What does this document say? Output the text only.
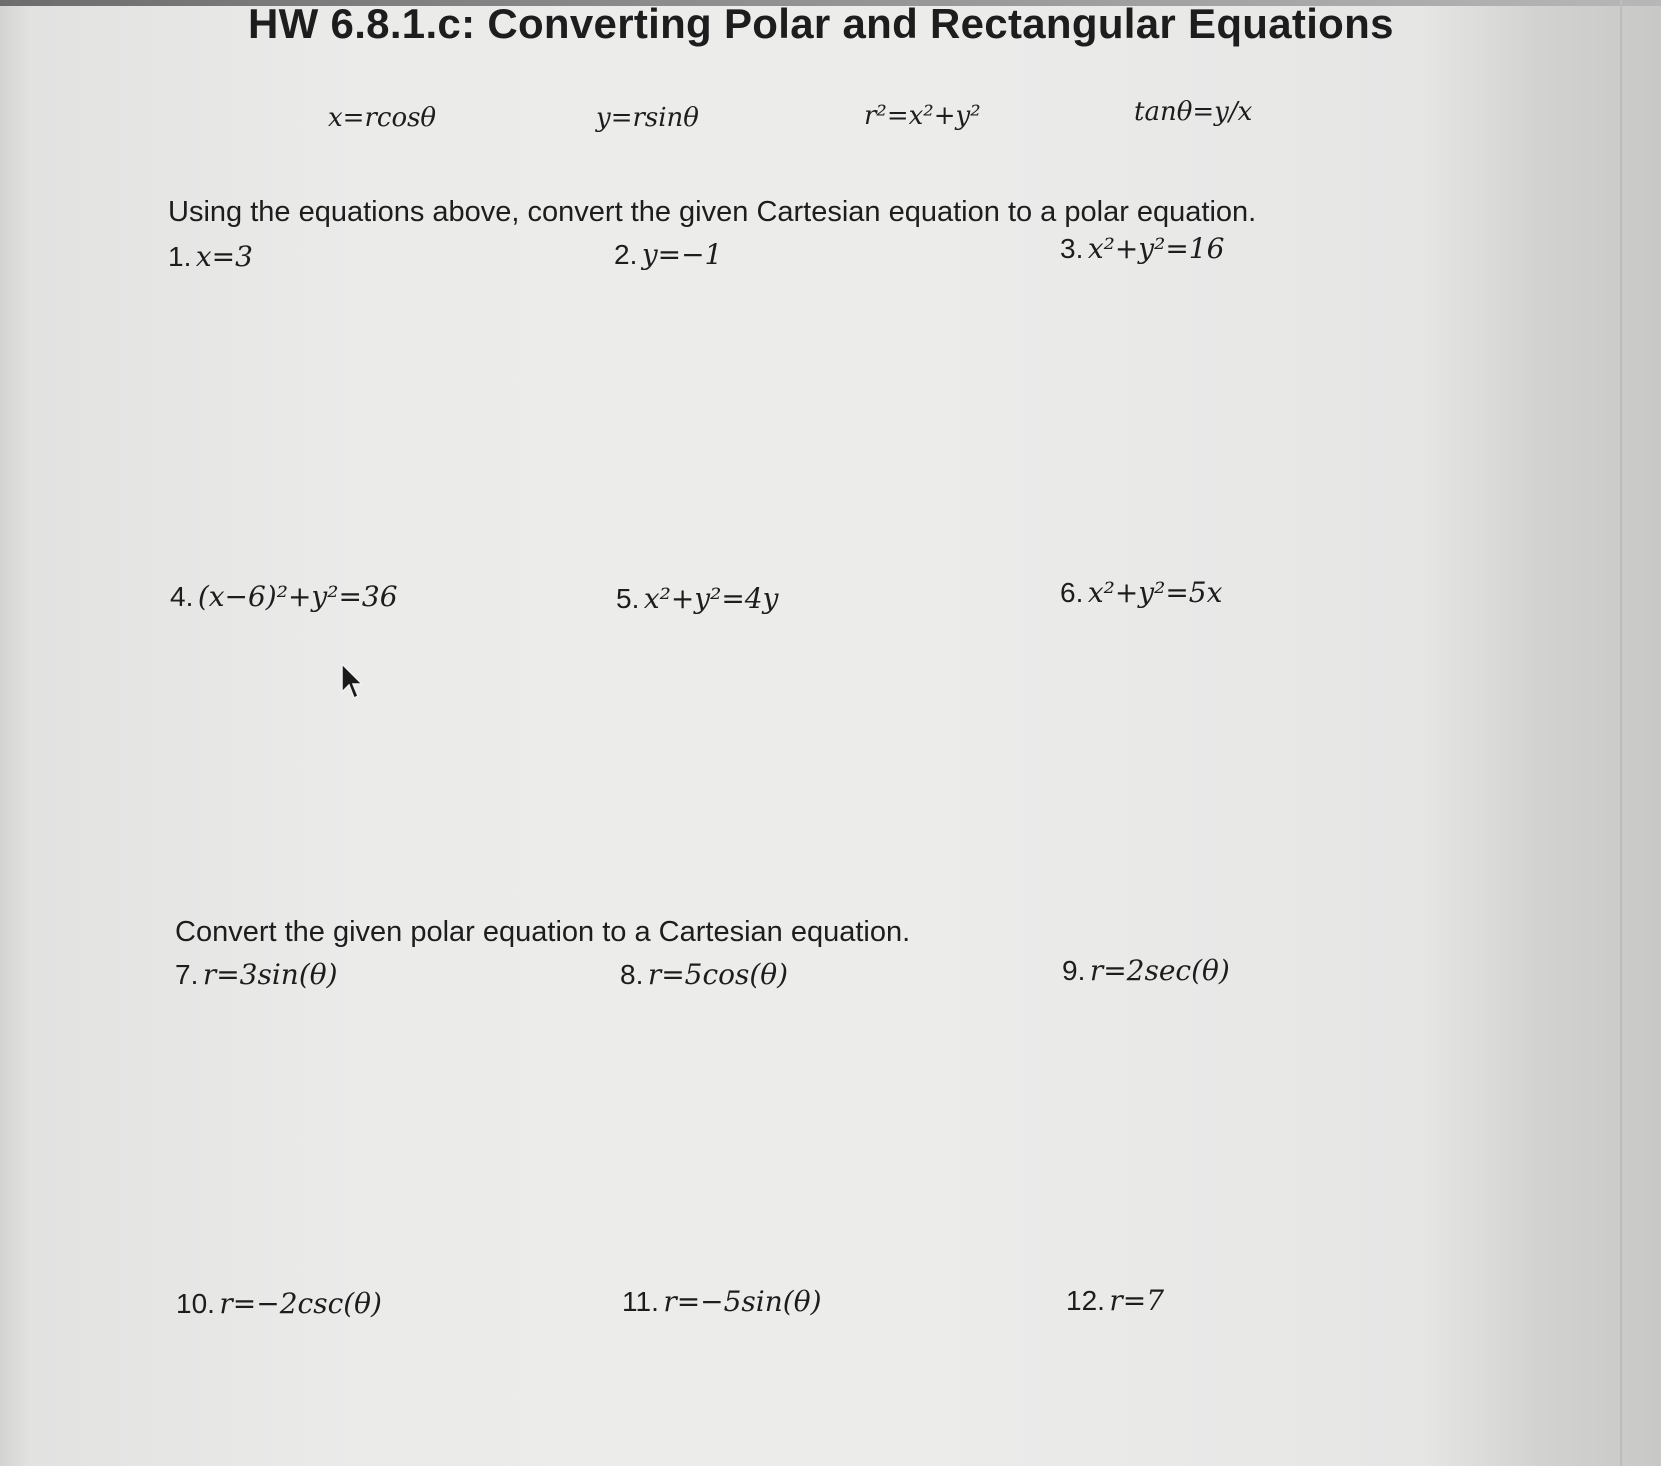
HW 6.8.1.c: Converting Polar and Rectangular Equations
x=rcosθ	y=rsinθ	r²=x²+y²	tanθ=y/x
Using the equations above, convert the given Cartesian equation to a polar equation.
1. x=3	2. y=−1	3. x²+y²=16
4. (x−6)²+y²=36	5. x²+y²=4y	6. x²+y²=5x
Convert the given polar equation to a Cartesian equation.
7. r=3sin(θ)	8. r=5cos(θ)	9. r=2sec(θ)
10. r=−2csc(θ)	11. r=−5sin(θ)	12. r=7
